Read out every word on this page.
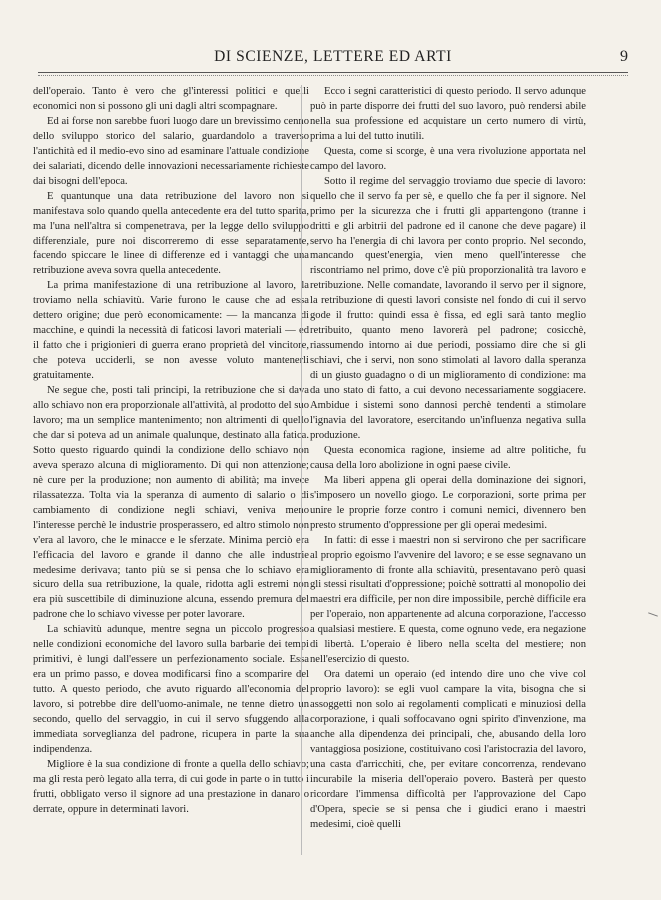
DI SCIENZE, LETTERE ED ARTI	9

dell'operaio. Tanto è vero che gl'interessi politici e quelli economici non si possono gli uni dagli altri scompagnare.

Ed ai forse non sarebbe fuori luogo dare un brevissimo cenno dello sviluppo storico del salario, guardandolo a traverso l'antichità ed il medio-evo sino ad esaminare l'attuale condizione dei salariati, dicendo delle innovazioni necessariamente richieste dai bisogni dell'epoca.

E quantunque una data retribuzione del lavoro non si manifestava solo quando quella antecedente era del tutto sparita, ma l'una nell'altra si compenetrava, per la legge dello sviluppo differenziale, pure noi discorreremo di esse separatamente, facendo spiccare le linee di differenze ed i vantaggi che una retribuzione aveva sovra quella antecedente.

La prima manifestazione di una retribuzione al lavoro, la troviamo nella schiavitù. Varie furono le cause che ad essa dettero origine; due però economicamente: — la mancanza di macchine, e quindi la necessità di faticosi lavori materiali — ed il fatto che i prigionieri di guerra erano proprietà del vincitore, che poteva ucciderli, se non avesse voluto mantenerli gratuitamente.

Ne segue che, posti tali principi, la retribuzione che si dava allo schiavo non era proporzionale all'attività, al prodotto del suo lavoro; ma un semplice mantenimento; non altrimenti di quello che dar si poteva ad un animale qualunque, destinato alla fatica. Sotto questo riguardo quindi la condizione dello schiavo non aveva sperazo alcuna di miglioramento. Di qui non attenzione; nè cure per la produzione; non aumento di abilità; ma invece rilassatezza. Tolta via la speranza di aumento di salario o di cambiamento di condizione negli schiavi, veniva meno l'interesse perchè le industrie prosperassero, ed altro stimolo non v'era al lavoro, che le minacce e le sferzate. Minima perciò era l'efficacia del lavoro e grande il danno che alle industrie medesime derivava; tanto più se si pensa che lo schiavo era sicuro della sua retribuzione, la quale, ridotta agli estremi non era più suscettibile di diminuzione alcuna, essendo premura del padrone che lo schiavo vivesse per poter lavorare.

La schiavitù adunque, mentre segna un piccolo progresso nelle condizioni economiche del lavoro sulla barbarie dei tempi primitivi, è lungi dall'essere un perfezionamento sociale. Essa era un primo passo, e dovea modificarsi fino a scomparire del tutto. A questo periodo, che avuto riguardo all'economia del lavoro, si potrebbe dire dell'uomo-animale, ne tenne dietro un secondo, quello del servaggio, in cui il servo sfuggendo alla immediata sorveglianza del padrone, ricupera in parte la sua indipendenza.

Migliore è la sua condizione di fronte a quella dello schiavo; ma gli resta però legato alla terra, di cui gode in parte o in tutto i frutti, obbligato verso il signore ad una prestazione in danaro o derrate, oppure in determinati lavori.

Ecco i segni caratteristici di questo periodo. Il servo adunque può in parte disporre dei frutti del suo lavoro, può rendersi abile nella sua professione ed acquistare un certo numero di virtù, prima a lui del tutto inutili.

Questa, come si scorge, è una vera rivoluzione apportata nel campo del lavoro.

Sotto il regime del servaggio troviamo due specie di lavoro: quello che il servo fa per sè, e quello che fa per il signore. Nel primo per la sicurezza che i frutti gli appartengono (tranne i dritti e gli arbitrii del padrone ed il canone che deve pagare) il servo ha l'energia di chi lavora per conto proprio. Nel secondo, mancando quest'energia, vien meno quell'interesse che riscontriamo nel primo, dove c'è più proporzionalità tra lavoro e retribuzione. Nelle comandate, lavorando il servo per il signore, la retribuzione di questi lavori consiste nel fondo di cui il servo gode il frutto: quindi essa è fissa, ed egli sarà tanto meglio retribuito, quanto meno lavorerà pel padrone; cosicchè, riassumendo intorno ai due periodi, possiamo dire che si gli schiavi, che i servi, non sono stimolati al lavoro dalla speranza di un giusto guadagno o di un miglioramento di condizione: ma da uno stato di fatto, a cui devono necessariamente soggiacere. Ambidue i sistemi sono dannosi perchè tendenti a stimolare l'ignavia del lavoratore, esercitando un'influenza negativa sulla produzione.

Questa economica ragione, insieme ad altre politiche, fu causa della loro abolizione in ogni paese civile.

Ma liberi appena gli operai della dominazione dei signori, s'imposero un novello giogo. Le corporazioni, sorte prima per unire le proprie forze contro i comuni nemici, divennero ben presto strumento d'oppressione per gli operai medesimi.

In fatti: di esse i maestri non si servirono che per sacrificare al proprio egoismo l'avvenire del lavoro; e se esse segnavano un miglioramento di fronte alla schiavitù, presentavano però quasi gli stessi risultati d'oppressione; poichè sottratti al monopolio dei maestri era difficile, per non dire impossibile, perchè difficile era per l'operaio, non appartenente ad alcuna corporazione, l'accesso a qualsiasi mestiere. E questa, come ognuno vede, era negazione di libertà. L'operaio è libero nella scelta del mestiere; non nell'esercizio di questo.

Ora datemi un operaio (ed intendo dire uno che vive col proprio lavoro): se egli vuol campare la vita, bisogna che si assoggetti non solo ai regolamenti complicati e minuziosi della corporazione, i quali soffocavano ogni spirito d'invenzione, ma anche alla dipendenza dei principali, che, abusando della loro vantaggiosa posizione, costituivano così l'aristocrazia del lavoro, una casta d'arricchiti, che, per evitare concorrenza, rendevano incurabile la miseria dell'operaio povero. Basterà per questo ricordare l'immensa difficoltà per l'approvazione del Capo d'Opera, specie se si pensa che i giudici erano i maestri medesimi, cioè quelli
